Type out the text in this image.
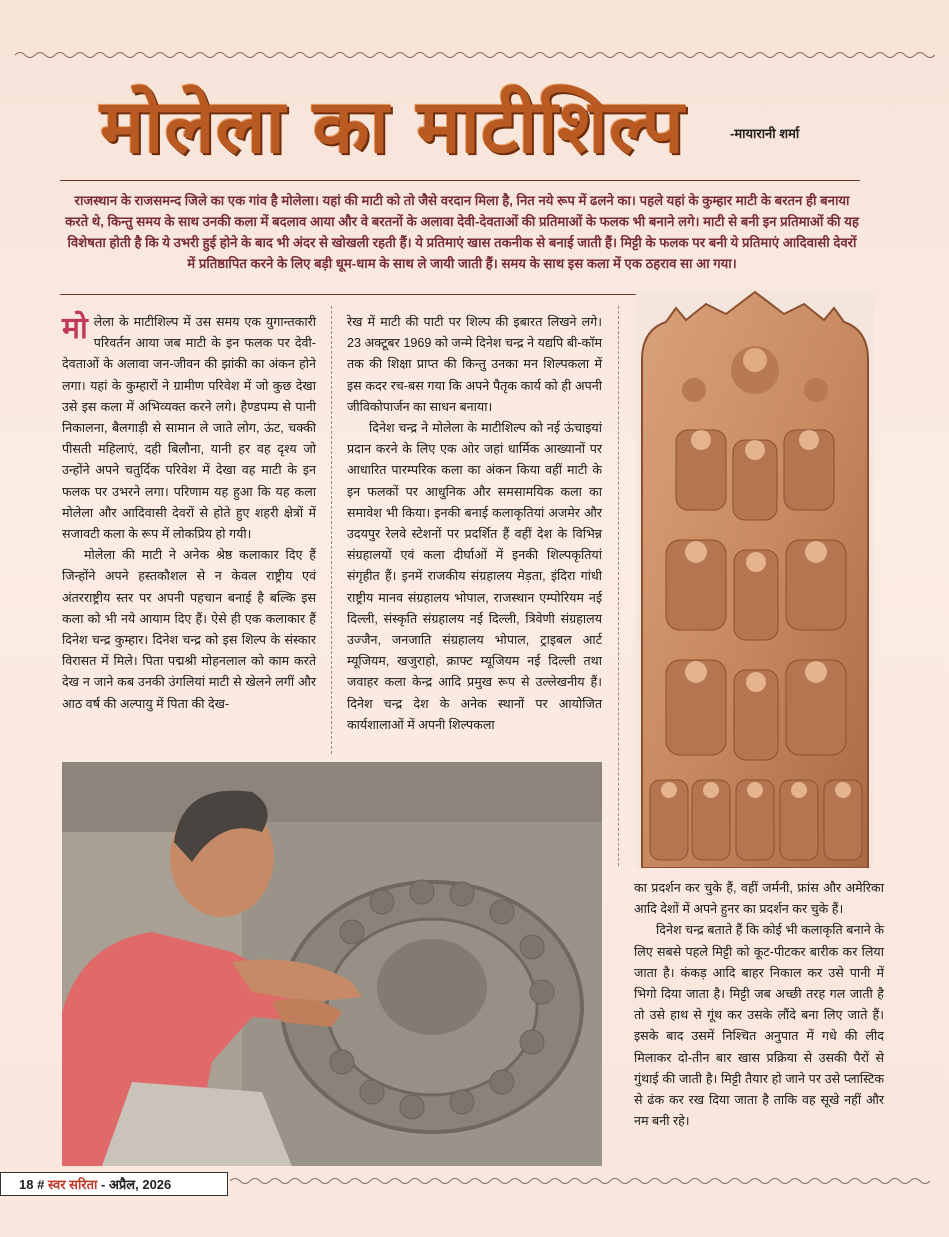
मोलेला का माटीशिल्प	-मायारानी शर्मा
राजस्थान के राजसमन्द जिले का एक गांव है मोलेला। यहां की माटी को तो जैसे वरदान मिला है, नित नये रूप में ढलने का। पहले यहां के कुम्हार माटी के बरतन ही बनाया करते थे, किन्तु समय के साथ उनकी कला में बदलाव आया और वे बरतनों के अलावा देवी-देवताओं की प्रतिमाओं के फलक भी बनाने लगे। माटी से बनी इन प्रतिमाओं की यह विशेषता होती है कि ये उभरी हुई होने के बाद भी अंदर से खोखली रहती हैं। ये प्रतिमाएं खास तकनीक से बनाई जाती हैं। मिट्टी के फलक पर बनी ये प्रतिमाएं आदिवासी देवरों में प्रतिष्ठापित करने के लिए बड़ी धूम-धाम के साथ ले जायी जाती हैं। समय के साथ इस कला में एक ठहराव सा आ गया।

मोलेला के माटीशिल्प में उस समय एक युगान्तकारी परिवर्तन आया जब माटी के इन फलक पर देवी-देवताओं के अलावा जन-जीवन की झांकी का अंकन होने लगा। यहां के कुम्हारों ने ग्रामीण परिवेश में जो कुछ देखा उसे इस कला में अभिव्यक्त करने लगे। हैण्डपम्प से पानी निकालना, बैलगाड़ी से सामान ले जाते लोग, ऊंट, चक्की पीसती महिलाएं, दही बिलौना, यानी हर वह दृश्य जो उन्होंने अपने चतुर्दिक परिवेश में देखा वह माटी के इन फलक पर उभरने लगा। परिणाम यह हुआ कि यह कला मोलेला और आदिवासी देवरों से होते हुए शहरी क्षेत्रों में सजावटी कला के रूप में लोकप्रिय हो गयी।

मोलेला की माटी ने अनेक श्रेष्ठ कलाकार दिए हैं जिन्होंने अपने हस्तकौशल से न केवल राष्ट्रीय एवं अंतरराष्ट्रीय स्तर पर अपनी पहचान बनाई है बल्कि इस कला को भी नये आयाम दिए हैं। ऐसे ही एक कलाकार हैं दिनेश चन्द्र कुम्हार। दिनेश चन्द्र को इस शिल्प के संस्कार विरासत में मिले। पिता पद्मश्री मोहनलाल को काम करते देख न जाने कब उनकी उंगलियां माटी से खेलने लगीं और आठ वर्ष की अल्पायु में पिता की देख-

रेख में माटी की पाटी पर शिल्प की इबारत लिखने लगे। 23 अक्टूबर 1969 को जन्मे दिनेश चन्द्र ने यद्यपि बी-कॉम तक की शिक्षा प्राप्त की किन्तु उनका मन शिल्पकला में इस कदर रच-बस गया कि अपने पैतृक कार्य को ही अपनी जीविकोपार्जन का साधन बनाया।

दिनेश चन्द्र ने मोलेला के माटीशिल्प को नई ऊंचाइयां प्रदान करने के लिए एक ओर जहां धार्मिक आख्यानों पर आधारित पारम्परिक कला का अंकन किया वहीं माटी के इन फलकों पर आधुनिक और समसामयिक कला का समावेश भी किया। इनकी बनाई कलाकृतियां अजमेर और उदयपुर रेलवे स्टेशनों पर प्रदर्शित हैं वहीं देश के विभिन्न संग्रहालयों एवं कला दीर्घाओं में इनकी शिल्पकृतियां संगृहीत हैं। इनमें राजकीय संग्रहालय मेड़ता, इंदिरा गांधी राष्ट्रीय मानव संग्रहालय भोपाल, राजस्थान एम्पोरियम नई दिल्ली, संस्कृति संग्रहालय नई दिल्ली, त्रिवेणी संग्रहालय उज्जैन, जनजाति संग्रहालय भोपाल, ट्राइबल आर्ट म्यूजियम, खजुराहो, क्राफ्ट म्यूजियम नई दिल्ली तथा जवाहर कला केन्द्र आदि प्रमुख रूप से उल्लेखनीय हैं। दिनेश चन्द्र देश के अनेक स्थानों पर आयोजित कार्यशालाओं में अपनी शिल्पकला

का प्रदर्शन कर चुके हैं, वहीं जर्मनी, फ्रांस और अमेरिका आदि देशों में अपने हुनर का प्रदर्शन कर चुके हैं।

दिनेश चन्द्र बताते हैं कि कोई भी कलाकृति बनाने के लिए सबसे पहले मिट्टी को कूट-पीटकर बारीक कर लिया जाता है। कंकड़ आदि बाहर निकाल कर उसे पानी में भिगो दिया जाता है। मिट्टी जब अच्छी तरह गल जाती है तो उसे हाथ से गूंथ कर उसके लौंदे बना लिए जाते हैं। इसके बाद उसमें निश्चित अनुपात में गधे की लीद मिलाकर दो-तीन बार खास प्रक्रिया से उसकी पैरों से गुंथाई की जाती है। मिट्टी तैयार हो जाने पर उसे प्लास्टिक से ढंक कर रख दिया जाता है ताकि वह सूखे नहीं और नम बनी रहे।

18 # स्वर सरिता - अप्रैल, 2026
